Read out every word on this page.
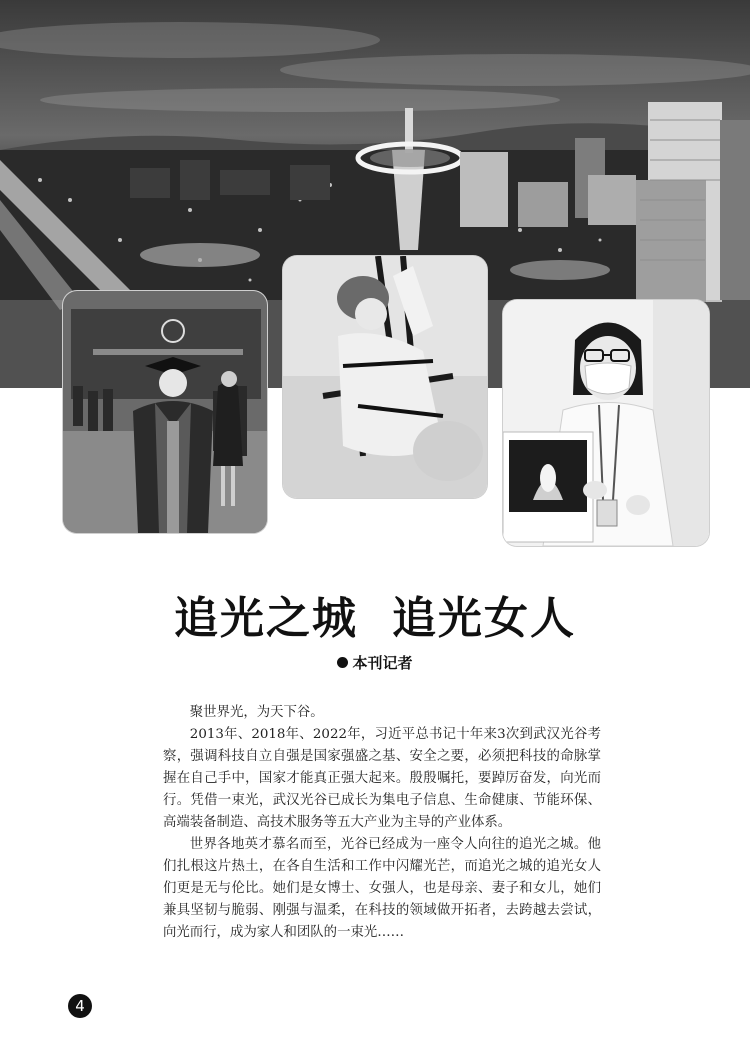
追光之城 追光女人
本刊记者

聚世界光，为天下谷。

2013年、2018年、2022年，习近平总书记十年来3次到武汉光谷考察，强调科技自立自强是国家强盛之基、安全之要，必须把科技的命脉掌握在自己手中，国家才能真正强大起来。殷殷嘱托，要踔厉奋发，向光而行。凭借一束光，武汉光谷已成长为集电子信息、生命健康、节能环保、高端装备制造、高技术服务等五大产业为主导的产业体系。

世界各地英才慕名而至，光谷已经成为一座令人向往的追光之城。他们扎根这片热土，在各自生活和工作中闪耀光芒，而追光之城的追光女人们更是无与伦比。她们是女博士、女强人，也是母亲、妻子和女儿，她们兼具坚韧与脆弱、刚强与温柔，在科技的领域做开拓者，去跨越去尝试，向光而行，成为家人和团队的一束光……

4
